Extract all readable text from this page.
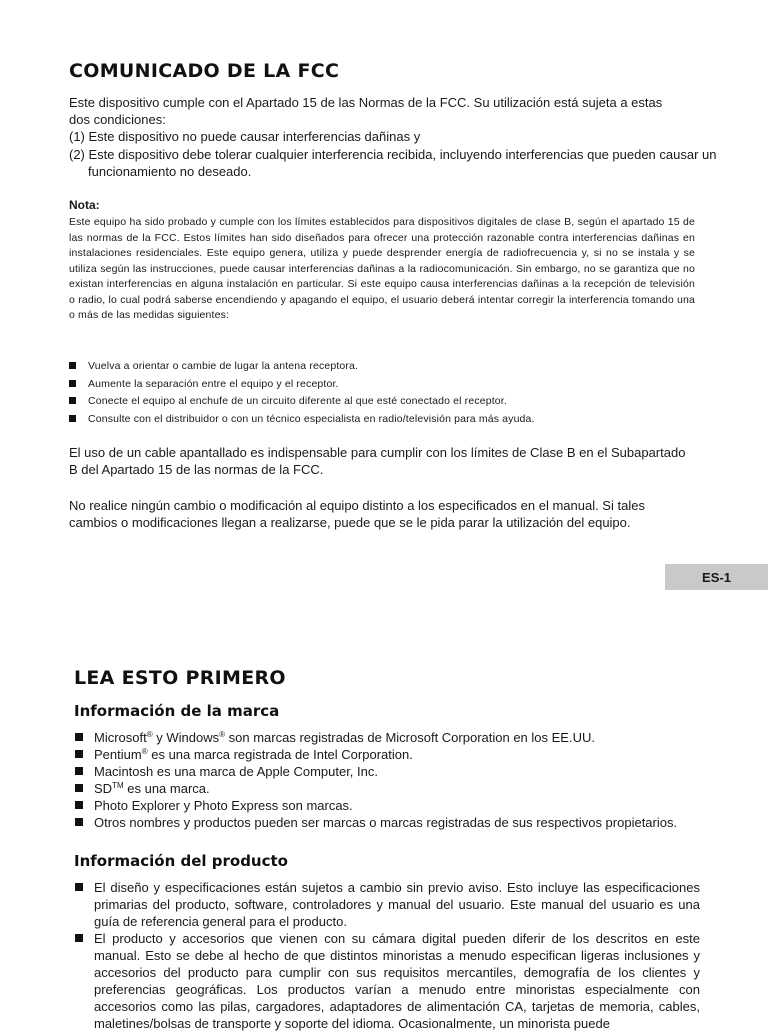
COMUNICADO DE LA FCC

Este dispositivo cumple con el Apartado 15 de las Normas de la FCC. Su utilización está sujeta a estas
dos condiciones:

(1) Este dispositivo no puede causar interferencias dañinas y

(2) Este dispositivo debe tolerar cualquier interferencia recibida, incluyendo interferencias que pueden causar un funcionamiento no deseado.

Nota:

Este equipo ha sido probado y cumple con los límites establecidos para dispositivos digitales de clase B, según el apartado 15 de las normas de la FCC. Estos límites han sido diseñados para ofrecer una protección razonable contra interferencias dañinas en instalaciones residenciales. Este equipo genera, utiliza y puede desprender energía de radiofrecuencia y, si no se instala y se utiliza según las instrucciones, puede causar interferencias dañinas a la radiocomunicación. Sin embargo, no se garantiza que no existan interferencias en alguna instalación en particular. Si este equipo causa interferencias dañinas a la recepción de televisión o radio, lo cual podrá saberse encendiendo y apagando el equipo, el usuario deberá intentar corregir la interferencia tomando una o más de las medidas siguientes:

Vuelva a orientar o cambie de lugar la antena receptora.
Aumente la separación entre el equipo y el receptor.
Conecte el equipo al enchufe de un circuito diferente al que esté conectado el receptor.
Consulte con el distribuidor o con un técnico especialista en radio/televisión para más ayuda.

El uso de un cable apantallado es indispensable para cumplir con los límites de Clase B en el Subapartado
B del Apartado 15 de las normas de la FCC.

No realice ningún cambio o modificación al equipo distinto a los especificados en el manual. Si tales
cambios o modificaciones llegan a realizarse, puede que se le pida parar la utilización del equipo.

ES-1
LEA ESTO PRIMERO
Información de la marca
Microsoft® y Windows® son marcas registradas de Microsoft Corporation en los EE.UU.
Pentium® es una marca registrada de Intel Corporation.
Macintosh es una marca de Apple Computer, Inc.
SD™ es una marca.
Photo Explorer y Photo Express son marcas.
Otros nombres y productos pueden ser marcas o marcas registradas de sus respectivos propietarios.
Información del producto
El diseño y especificaciones están sujetos a cambio sin previo aviso. Esto incluye las especificaciones primarias del producto, software, controladores y manual del usuario. Este manual del usuario es una guía de referencia general para el producto.
El producto y accesorios que vienen con su cámara digital pueden diferir de los descritos en este manual. Esto se debe al hecho de que distintos minoristas a menudo especifican ligeras inclusiones y accesorios del producto para cumplir con sus requisitos mercantiles, demografía de los clientes y preferencias geográficas. Los productos varían a menudo entre minoristas especialmente con accesorios como las pilas, cargadores, adaptadores de alimentación CA, tarjetas de memoria, cables, maletines/bolsas de transporte y soporte del idioma. Ocasionalmente, un minorista puede
